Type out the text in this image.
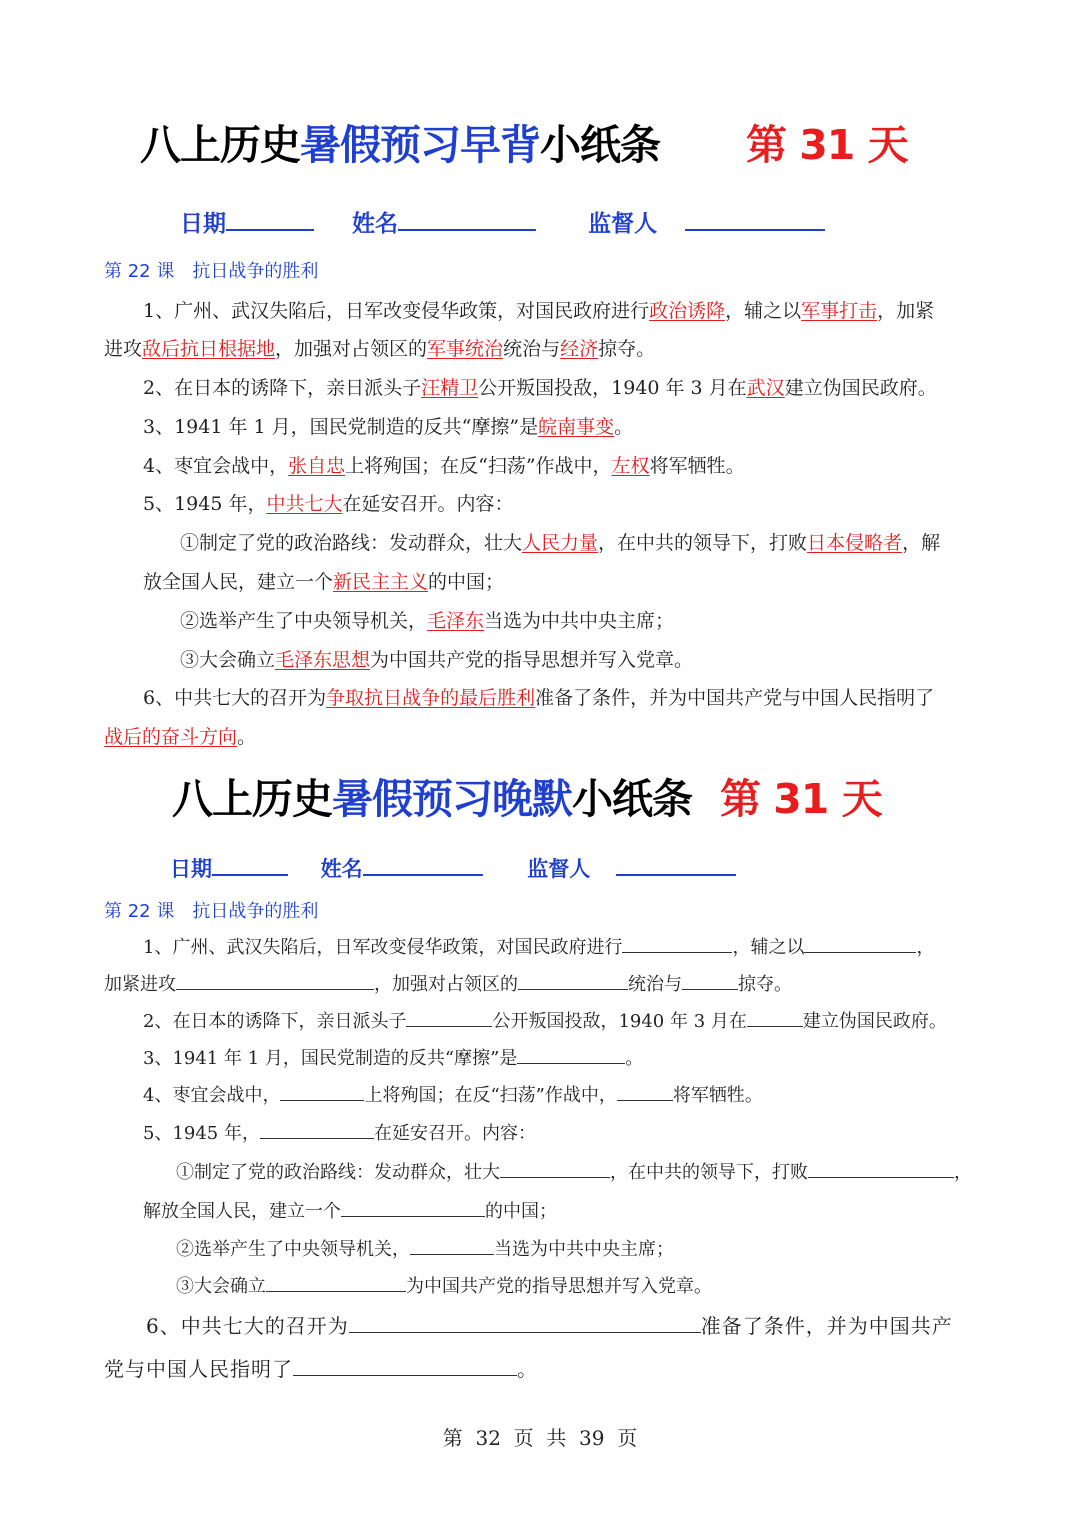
八上历史暑假预习早背小纸条 第 31 天
日期	姓名	监督人
第 22 课 抗日战争的胜利
1、广州、武汉失陷后，日军改变侵华政策，对国民政府进行政治诱降，辅之以军事打击，加紧
进攻敌后抗日根据地，加强对占领区的军事统治统治与经济掠夺。
2、在日本的诱降下，亲日派头子汪精卫公开叛国投敌，1940 年 3 月在武汉建立伪国民政府。
3、1941 年 1 月，国民党制造的反共“摩擦”是皖南事变。
4、枣宜会战中，张自忠上将殉国；在反“扫荡”作战中，左权将军牺牲。
5、1945 年，中共七大在延安召开。内容：
①制定了党的政治路线：发动群众，壮大人民力量，在中共的领导下，打败日本侵略者，解
放全国人民，建立一个新民主主义的中国；
②选举产生了中央领导机关，毛泽东当选为中共中央主席；
③大会确立毛泽东思想为中国共产党的指导思想并写入党章。
6、中共七大的召开为争取抗日战争的最后胜利准备了条件，并为中国共产党与中国人民指明了
战后的奋斗方向。
八上历史暑假预习晚默小纸条 第 31 天
日期	姓名	监督人
第 22 课 抗日战争的胜利
1、广州、武汉失陷后，日军改变侵华政策，对国民政府进行	，辅之以	，
加紧进攻	，加强对占领区的	统治与	掠夺。
2、在日本的诱降下，亲日派头子	公开叛国投敌，1940 年 3 月在	建立伪国民政府。
3、1941 年 1 月，国民党制造的反共“摩擦”是	。
4、枣宜会战中，	上将殉国；在反“扫荡”作战中，	将军牺牲。
5、1945 年，	在延安召开。内容：
①制定了党的政治路线：发动群众，壮大	，在中共的领导下，打败	，
解放全国人民，建立一个	的中国；
②选举产生了中央领导机关，	当选为中共中央主席；
③大会确立	为中国共产党的指导思想并写入党章。
6、中共七大的召开为	准备了条件，并为中国共产
党与中国人民指明了	。
第  32  页  共  39  页
